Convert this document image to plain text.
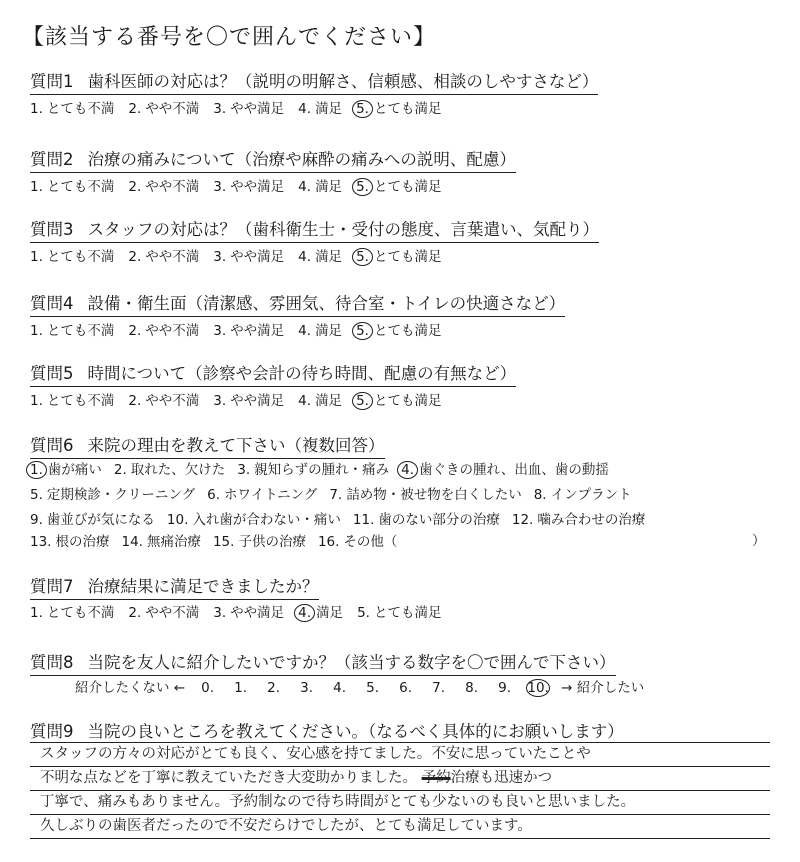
【該当する番号を〇で囲んでください】
質問1 歯科医師の対応は？（説明の明解さ、信頼感、相談のしやすさなど）
1. とても不満 2. やや不満 3. やや満足 4. 満足 5. とても満足
質問2 治療の痛みについて（治療や麻酔の痛みへの説明、配慮）
1. とても不満 2. やや不満 3. やや満足 4. 満足 5. とても満足
質問3 スタッフの対応は？（歯科衛生士・受付の態度、言葉遣い、気配り）
1. とても不満 2. やや不満 3. やや満足 4. 満足 5. とても満足
質問4 設備・衛生面（清潔感、雰囲気、待合室・トイレの快適さなど）
1. とても不満 2. やや不満 3. やや満足 4. 満足 5. とても満足
質問5 時間について（診察や会計の待ち時間、配慮の有無など）
1. とても不満 2. やや不満 3. やや満足 4. 満足 5. とても満足
質問6 来院の理由を教えて下さい（複数回答）
1. 歯が痛い 2. 取れた、欠けた 3. 親知らずの腫れ・痛み 4. 歯ぐきの腫れ、出血、歯の動揺
5. 定期検診・クリーニング 6. ホワイトニング 7. 詰め物・被せ物を白くしたい 8. インプラント
9. 歯並びが気になる 10. 入れ歯が合わない・痛い 11. 歯のない部分の治療 12. 噛み合わせの治療
13. 根の治療 14. 無痛治療 15. 子供の治療 16. その他（	）
質問7 治療結果に満足できましたか？
1. とても不満 2. やや不満 3. やや満足 4. 満足 5. とても満足
質問8 当院を友人に紹介したいですか？（該当する数字を〇で囲んで下さい）
紹介したくない ← 0. 1. 2. 3. 4. 5. 6. 7. 8. 9. 10. → 紹介したい
質問9 当院の良いところを教えてください。（なるべく具体的にお願いします）
スタッフの方々の対応がとても良く、安心感を持てました。不安に思っていたことや
不明な点などを丁寧に教えていただき大変助かりました。 予約治療も迅速かつ
丁寧で、痛みもありません。予約制なので待ち時間がとても少ないのも良いと思いました。
久しぶりの歯医者だったので不安だらけでしたが、とても満足しています。
